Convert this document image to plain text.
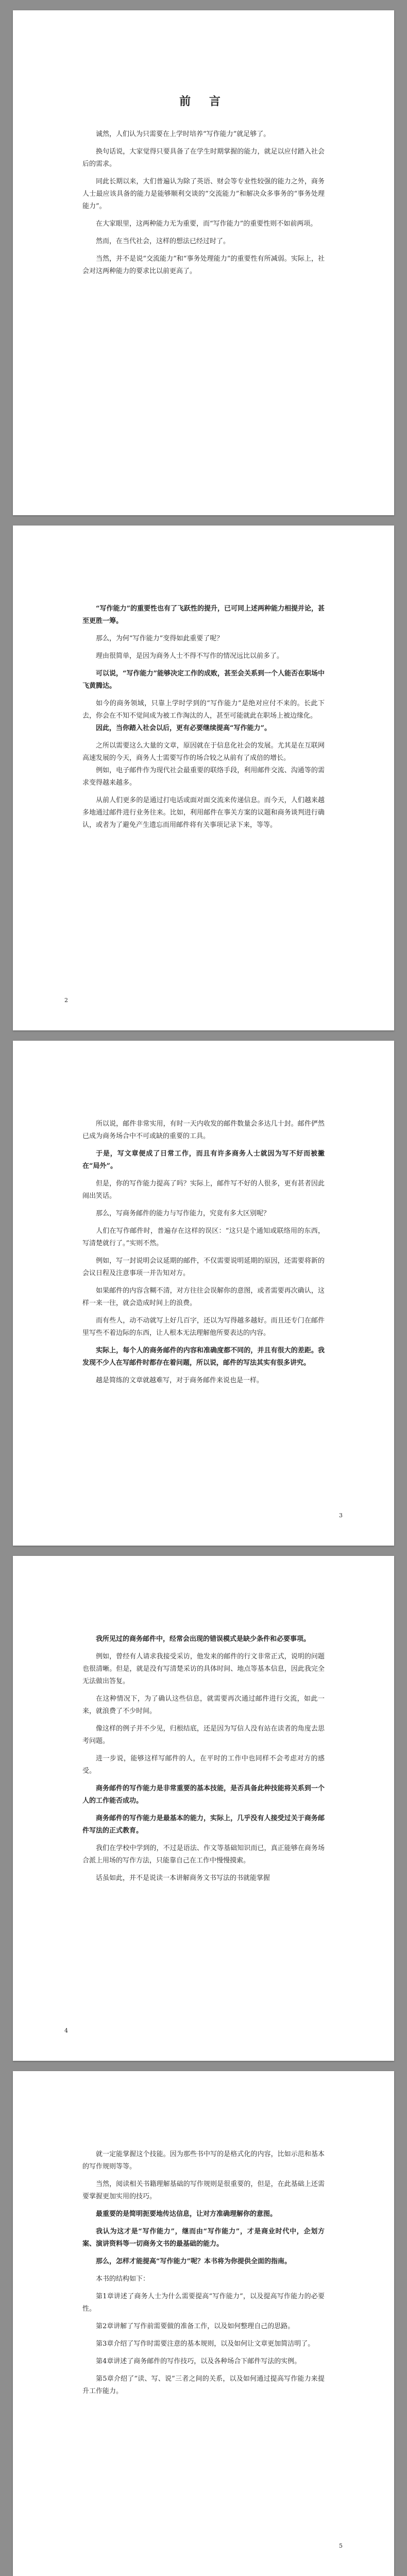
前 言

诚然，人们认为只需要在上学时培养“写作能力”就足够了。

换句话说，大家觉得只要具备了在学生时期掌握的能力，就足以应付踏入社会后的需求。

同此长期以来，大们普遍认为除了英语、财会等专业性较强的能力之外，商务人士最应该具备的能力是能够顺利交谈的“交流能力”和解决众多事务的“事务处理能力”。

在大家眼里，这两种能力无为重要，而“写作能力”的重要性则不如前两项。

然而，在当代社会，这样的想法已经过时了。

当然，并不是说“交流能力”和“事务处理能力”的重要性有所减弱。实际上，社会对这两种能力的要求比以前更高了。

“写作能力”的重要性也有了飞跃性的提升，已可同上述两种能力相提并论，甚至更胜一筹。

那么，为何“写作能力”变得如此重要了呢？

理由很简单，是因为商务人士不得不写作的情况远比以前多了。

可以说，“写作能力”能够决定工作的成败，甚至会关系到一个人能否在职场中飞黄腾达。

如今的商务领域，只靠上学时学到的“写作能力”是绝对应付不来的。长此下去，你会在不知不觉间成为被工作淘汰的人，甚至可能就此在职场上被边缘化。

因此，当你踏入社会以后，更有必要继续提高“写作能力”。

之所以需要这么大量的文章，原因就在于信息化社会的发展。尤其是在互联网高速发展的今天，商务人士需要写作的场合较之从前有了成倍的增长。

例如，电子邮件作为现代社会最重要的联络手段，利用邮件交流、沟通等的需求变得越来越多。

从前人们更多的是通过打电话或面对面交流来传递信息。而今天，人们越来越多地通过邮件进行业务往来。比如，利用邮件在事关方案的议题和商务谈判进行确认，或者为了避免产生遗忘而用邮件将有关事项记录下来，等等。

2

所以说，邮件非常实用，有时一天内收发的邮件数量会多达几十封。邮件俨然已成为商务场合中不可或缺的重要的工具。

于是，写文章便成了日常工作，而且有许多商务人士就因为写不好而被撇在“局外”。

但是，你的写作能力提高了吗？实际上，邮件写不好的人很多，更有甚者因此闹出笑话。

那么，写商务邮件的能力与写作能力，究竟有多大区别呢？

人们在写作邮件时，普遍存在这样的误区：“这只是个通知或联络用的东西，写清楚就行了。”实则不然。

例如，写一封说明会议延期的邮件，不仅需要说明延期的原因，还需要将新的会议日程及注意事项一并告知对方。

如果邮件的内容含糊不清，对方往往会误解你的意图，或者需要再次确认，这样一来一往，就会造成时间上的浪费。

而有些人，动不动就写上好几百字，还以为写得越多越好。而且还专门在邮件里写些不着边际的东西，让人根本无法理解他所要表达的内容。

实际上，每个人的商务邮件的内容和准确度都不同的，并且有很大的差距。我发现不少人在写邮件时都存在着问题，所以说，邮件的写法其实有很多讲究。

越是简练的文章就越难写，对于商务邮件来说也是一样。

3

我所见过的商务邮件中，经常会出现的错误模式是缺少条件和必要事项。

例如，曾经有人请求我接受采访，他发来的邮件的行文非常正式，说明的问题也很清晰。但是，就是没有写清楚采访的具体时间、地点等基本信息，因此我完全无法做出答复。

在这种情况下，为了确认这些信息，就需要再次通过邮件进行交流，如此一来，就浪费了不少时间。

像这样的例子并不少见，归根结底，还是因为写信人没有站在读者的角度去思考问题。

进一步说，能够这样写邮件的人，在平时的工作中也同样不会考虑对方的感受。

商务邮件的写作能力是非常重要的基本技能，是否具备此种技能将关系到一个人的工作能否成功。

商务邮件的写作能力是最基本的能力，实际上，几乎没有人接受过关于商务邮件写法的正式教育。

我们在学校中学到的，不过是语法、作文等基础知识而已，真正能够在商务场合派上用场的写作方法，只能靠自己在工作中慢慢摸索。

话虽如此，并不是说读一本讲解商务文书写法的书就能掌握

4

就一定能掌握这个技能。因为那些书中写的是格式化的内容，比如示范和基本的写作规则等等。

当然，阅读相关书籍理解基础的写作规则是很重要的，但是，在此基础上还需要掌握更加实用的技巧。

最重要的是简明扼要地传达信息，让对方准确理解你的意图。

我认为这才是“写作能力”，继而由“写作能力”，才是商业时代中，企划方案、演讲资料等一切商务文书的最基础的能力。

那么，怎样才能提高“写作能力”呢？本书将为你提供全面的指南。

本书的结构如下：

第1章讲述了商务人士为什么需要提高“写作能力”，以及提高写作能力的必要性。

第2章讲解了写作前需要做的准备工作，以及如何整理自己的思路。

第3章介绍了写作时需要注意的基本规则，以及如何让文章更加简洁明了。

第4章讲述了商务邮件的写作技巧，以及各种场合下邮件写法的实例。

第5章介绍了“读、写、说”三者之间的关系，以及如何通过提高写作能力来提升工作能力。

5
